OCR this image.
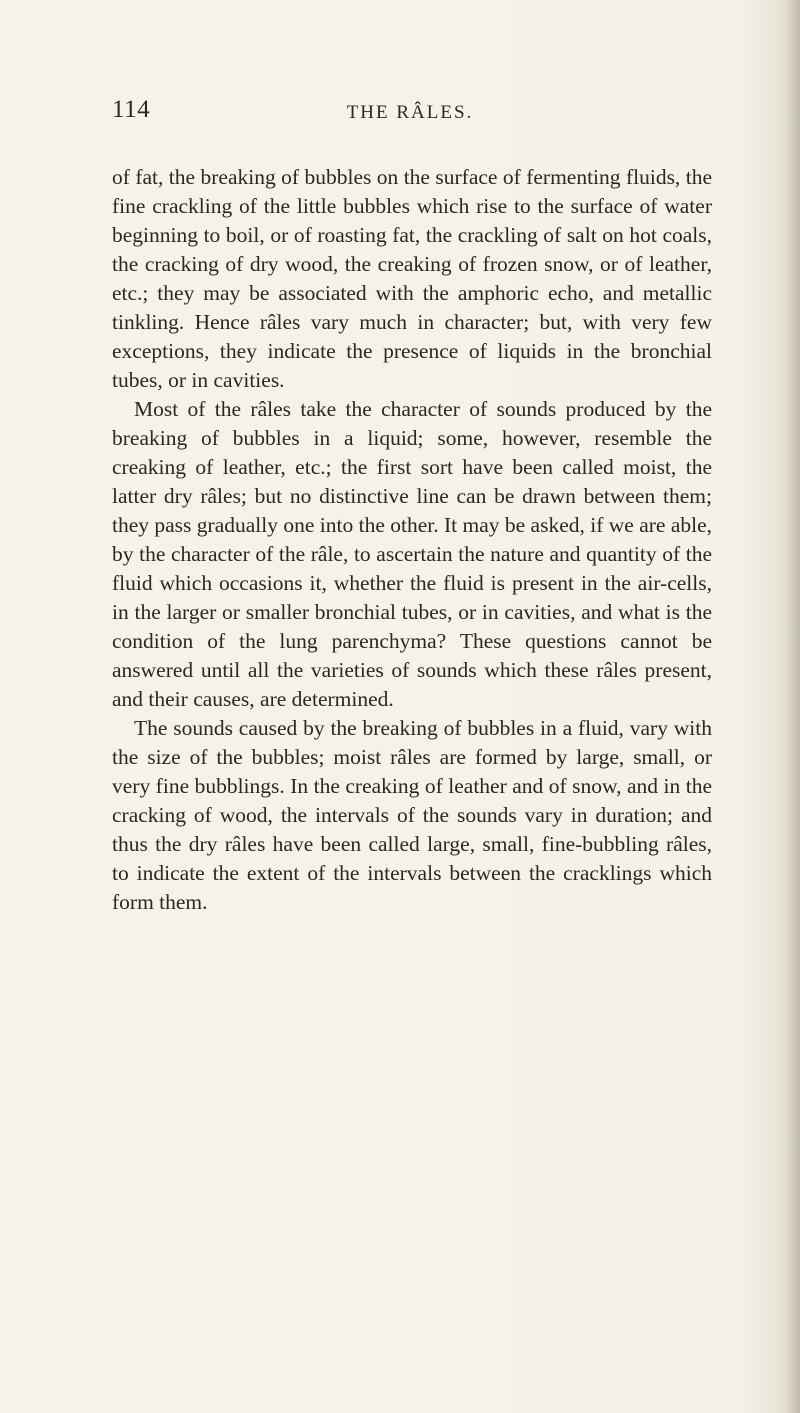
114	THE RÂLES.

of fat, the breaking of bubbles on the surface of fermenting fluids, the fine crackling of the little bubbles which rise to the surface of water beginning to boil, or of roasting fat, the crackling of salt on hot coals, the cracking of dry wood, the creaking of frozen snow, or of leather, etc.; they may be associated with the amphoric echo, and metallic tinkling. Hence râles vary much in character; but, with very few exceptions, they indicate the presence of liquids in the bronchial tubes, or in cavities.

Most of the râles take the character of sounds produced by the breaking of bubbles in a liquid; some, however, resemble the creaking of leather, etc.; the first sort have been called moist, the latter dry râles; but no distinctive line can be drawn between them; they pass gradually one into the other. It may be asked, if we are able, by the character of the râle, to ascertain the nature and quantity of the fluid which occasions it, whether the fluid is present in the air-cells, in the larger or smaller bronchial tubes, or in cavities, and what is the condition of the lung parenchyma? These questions cannot be answered until all the varieties of sounds which these râles present, and their causes, are determined.

The sounds caused by the breaking of bubbles in a fluid, vary with the size of the bubbles; moist râles are formed by large, small, or very fine bubblings. In the creaking of leather and of snow, and in the cracking of wood, the intervals of the sounds vary in duration; and thus the dry râles have been called large, small, fine-bubbling râles, to indicate the extent of the intervals between the cracklings which form them.
